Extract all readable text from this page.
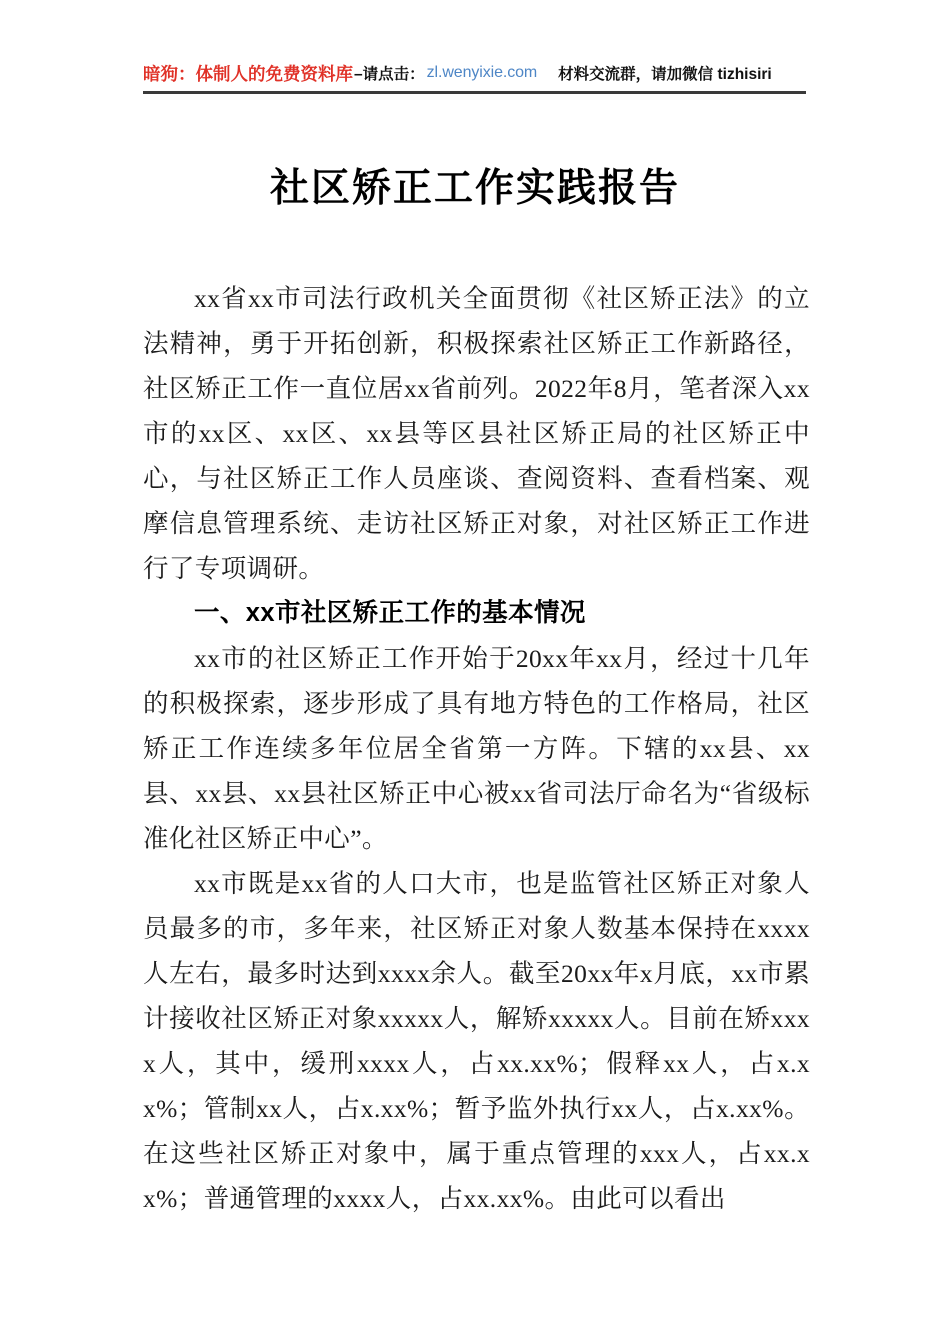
暗狗：体制人的免费资料库 –请点击： zl.wenyixie.com 材料交流群，请加微信 tizhisiri
社区矫正工作实践报告

xx省xx市司法行政机关全面贯彻《社区矫正法》的立法精神，勇于开拓创新，积极探索社区矫正工作新路径，社区矫正工作一直位居xx省前列。2022年8月，笔者深入xx市的xx区、xx区、xx县等区县社区矫正局的社区矫正中心，与社区矫正工作人员座谈、查阅资料、查看档案、观摩信息管理系统、走访社区矫正对象，对社区矫正工作进行了专项调研。

一、xx市社区矫正工作的基本情况

xx市的社区矫正工作开始于20xx年xx月，经过十几年的积极探索，逐步形成了具有地方特色的工作格局，社区矫正工作连续多年位居全省第一方阵。下辖的xx县、xx县、xx县、xx县社区矫正中心被xx省司法厅命名为“省级标准化社区矫正中心”。

xx市既是xx省的人口大市，也是监管社区矫正对象人员最多的市，多年来，社区矫正对象人数基本保持在xxxx人左右，最多时达到xxxx余人。截至20xx年x月底，xx市累计接收社区矫正对象xxxxx人，解矫xxxxx人。目前在矫xxxx人，其中，缓刑xxxx人，占xx.xx%；假释xx人，占x.xx%；管制xx人，占x.xx%；暂予监外执行xx人，占x.xx%。在这些社区矫正对象中，属于重点管理的xxx人，占xx.xx%；普通管理的xxxx人，占xx.xx%。由此可以看出
